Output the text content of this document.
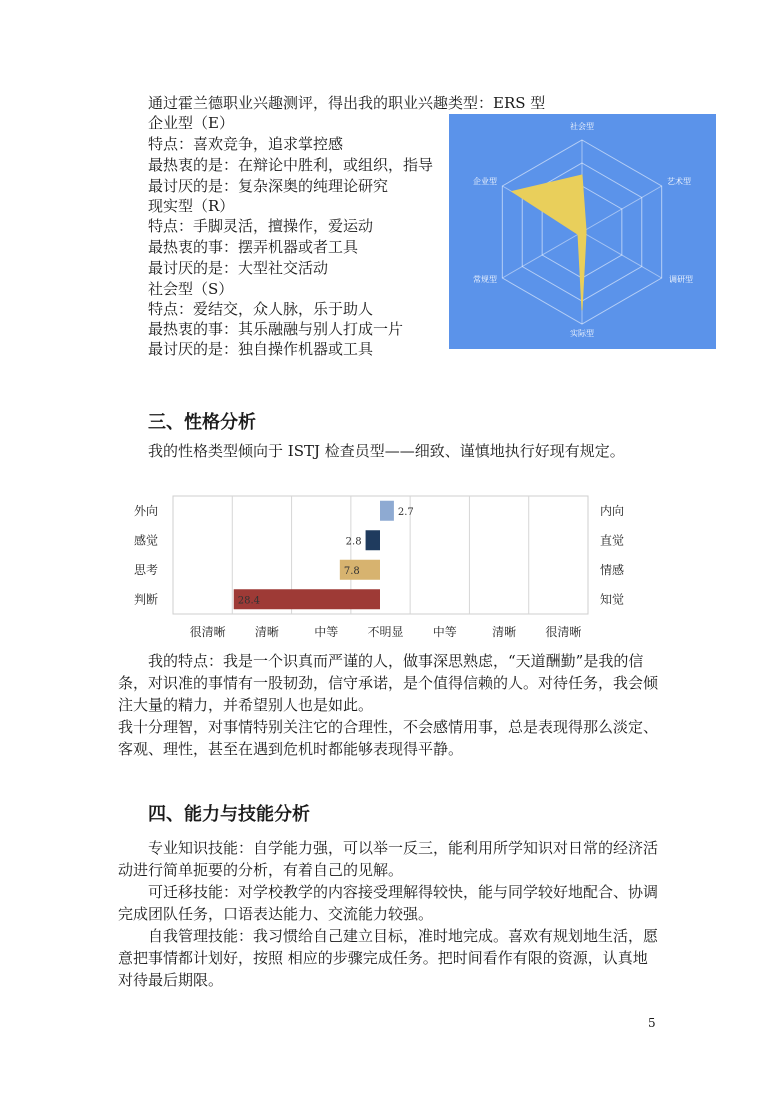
通过霍兰德职业兴趣测评，得出我的职业兴趣类型：ERS 型
企业型（E）
特点：喜欢竞争，追求掌控感
最热衷的是：在辩论中胜利，或组织，指导
最讨厌的是：复杂深奥的纯理论研究
现实型（R）
特点：手脚灵活，擅操作，爱运动
最热衷的事：摆弄机器或者工具
最讨厌的是：大型社交活动
社会型（S）
特点：爱结交，众人脉，乐于助人
最热衷的事：其乐融融与别人打成一片
最讨厌的是：独自操作机器或工具
社会型
艺术型
调研型
实际型
常规型
企业型
三、性格分析
我的性格类型倾向于 ISTJ 检查员型——细致、谨慎地执行好现有规定。
2.7
外向	内向
2.8
感觉	直觉
7.8
思考	情感
28.4
判断	知觉
很清晰 清晰	中等 不明显 中等	清晰 很清晰
我的特点：我是一个识真而严谨的人，做事深思熟虑，“天道酬勤”是我的信条，对识准的事情有一股韧劲，信守承诺，是个值得信赖的人。对待任务，我会倾注大量的精力，并希望别人也是如此。
我十分理智，对事情特别关注它的合理性，不会感情用事，总是表现得那么淡定、客观、理性，甚至在遇到危机时都能够表现得平静。
四、能力与技能分析
专业知识技能：自学能力强，可以举一反三，能利用所学知识对日常的经济活动进行简单扼要的分析，有着自己的见解。
可迁移技能：对学校教学的内容接受理解得较快，能与同学较好地配合、协调完成团队任务，口语表达能力、交流能力较强。
自我管理技能：我习惯给自己建立目标，准时地完成。喜欢有规划地生活，愿意把事情都计划好，按照 相应的步骤完成任务。把时间看作有限的资源，认真地对待最后期限。
5
